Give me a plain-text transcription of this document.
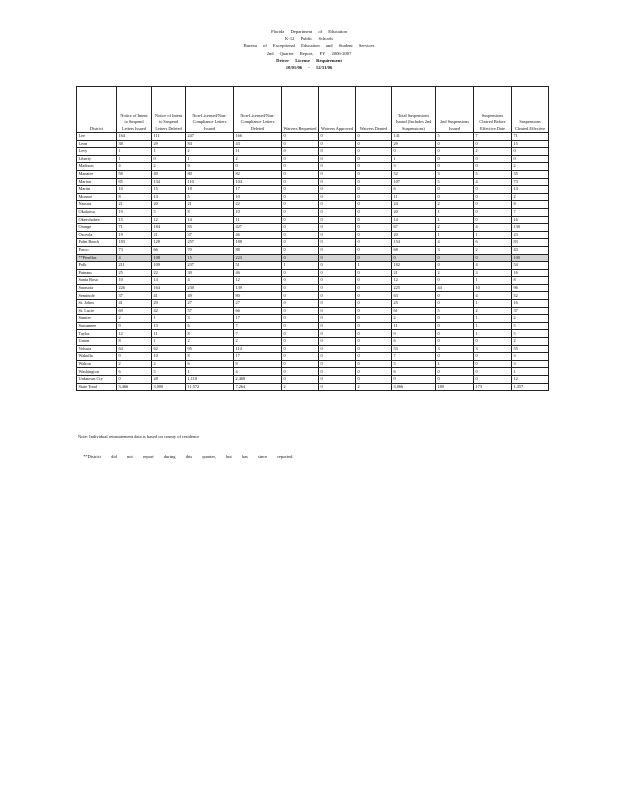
Florida Department of Education
K-12 Public Schools
Bureau of Exceptional Education and Student Services
2nd Quarter Report, FY 2006-2007
Driver License Requirement
10/01/06 - 12/31/06
District	Notice of Intent to Suspend Letters Issued	Notice of Intent to Suspend Letters Deleted	Non-Licensed/Non-Compliance Letters Issued	Non-Licensed/Non-Compliance Letters Deleted	Waivers Requested	Waivers Approved	Waivers Denied	Total Suspensions Issued (Includes 2nd Suspensions)	2nd Suspensions Issued	Suspensions Cleared Before Effective Date	Suspensions Cleared Effective
Lee	164	111	247	166	0	0	0	141	5	7	71
Leon	38	29	84	43	0	0	0	29	0	0	15
Levy	1	1	2	11	0	0	0	0	0	2	0
Liberty	1	0	1	2	0	0	0	1	0	0	0
Madison	4	2	9	0	0	0	0	3	0	0	2
Manatee	58	40	80	82	0	0	0	52	3	5	35
Marion	85	134	110	104	0	0	0	107	5	4	73
Martin	10	15	18	17	0	0	0	6	0	0	14
Monroe	8	14	5	10	0	0	0	11	0	0	2
Nassau	21	20	21	22	0	0	0	24	2	0	8
Okaloosa	19	5	8	10	0	0	0	20	1	0	7
Okeechobee	15	12	14	11	0	0	0	14	1	0	16
Orange	71	184	83	427	0	0	0	67	2	4	130
Osceola	19	21	37	46	0	0	0	20	1	1	23
Palm Beach	183	128	257	188	0	0	0	154	4	6	83
Pasco	73	66	70	88	0	0	0	68	3	2	43
**Pinellas	4	108	15	223	0	0	0	0	0	0	100
Polk	211	109	237	51	1	0	1	182	0	4	54
Putnam	25	22	30	46	0	0	0	21	2	3	16
Santa Rosa	10	14	4	12	0	0	0	12	0	1	8
Sarasota	226	164	230	139	0	0	0	225	44	10	96
Seminole	37	41	49	80	0	0	0	63	0	4	52
St. Johns	41	29	27	27	0	0	0	25	0	1	16
St. Lucie	69	42	57	66	0	0	0	61	5	2	37
Sumter	2	1	3	17	0	0	0	2	0	1	2
Suwannee	9	13	6	7	0	0	0	11	0	1	5
Taylor	12	11	8	7	0	0	0	9	0	1	5
Union	8	1	2	2	0	0	0	6	0	0	2
Volusia	64	62	95	114	0	0	0	53	3	3	55
Wakulla	9	10	8	17	0	0	0	7	0	0	3
Walton	2	2	6	8	0	0	0	5	1	0	3
Washington	6	5	1	4	0	0	0	6	0	0	1
Unknown Cty	0	28	1,110	2,468	0	0	0	0	0	0	12
State Total	3,466	3,000	11,572	7,264	2	0	2	3,066	180	173	1,357
Note: Individual reinstatement data is based on county of residence
**District did not report during this quarter, but has since reported.
